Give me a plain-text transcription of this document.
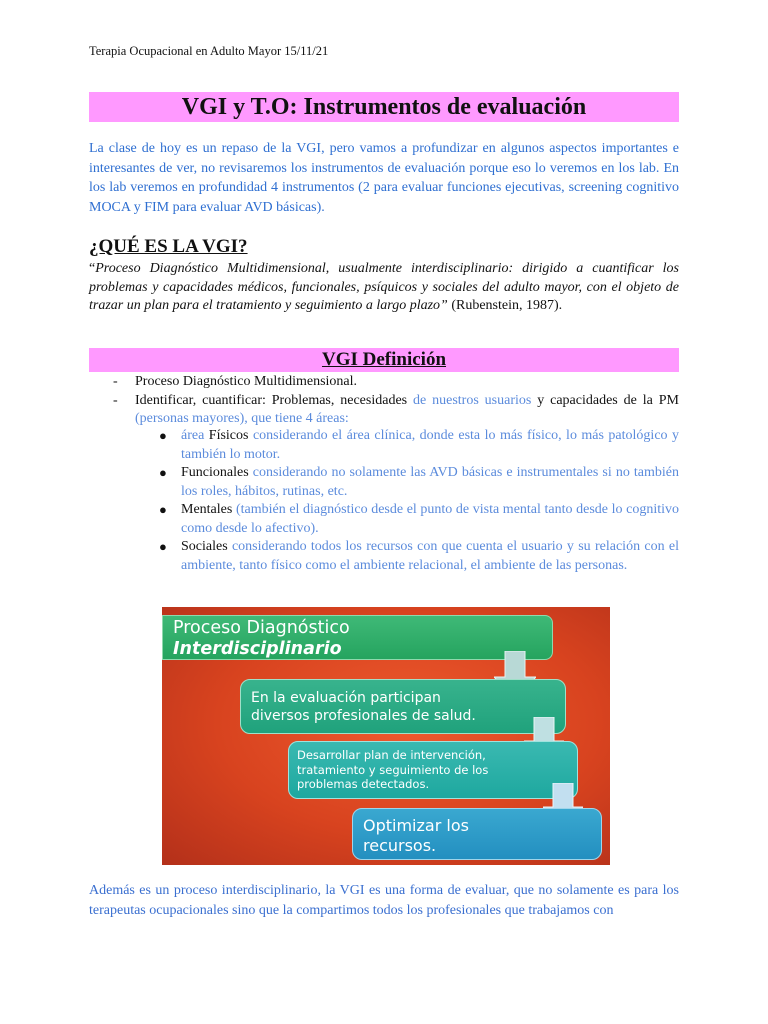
Terapia Ocupacional en Adulto Mayor 15/11/21
VGI y T.O: Instrumentos de evaluación

La clase de hoy es un repaso de la VGI, pero vamos a profundizar en algunos aspectos importantes e interesantes de ver, no revisaremos los instrumentos de evaluación porque eso lo veremos en los lab. En los lab veremos en profundidad 4 instrumentos (2 para evaluar funciones ejecutivas, screening cognitivo MOCA y FIM para evaluar AVD básicas).

¿QUÉ ES LA VGI?

“Proceso Diagnóstico Multidimensional, usualmente interdisciplinario: dirigido a cuantificar los problemas y capacidades médicos, funcionales, psíquicos y sociales del adulto mayor, con el objeto de trazar un plan para el tratamiento y seguimiento a largo plazo” (Rubenstein, 1987).

VGI Definición
- Proceso Diagnóstico Multidimensional.
- Identificar, cuantificar: Problemas, necesidades de nuestros usuarios y capacidades de la PM (personas mayores), que tiene 4 áreas:
● área Físicos considerando el área clínica, donde esta lo más físico, lo más patológico y también lo motor.
● Funcionales considerando no solamente las AVD básicas e instrumentales si no también los roles, hábitos, rutinas, etc.
● Mentales (también el diagnóstico desde el punto de vista mental tanto desde lo cognitivo como desde lo afectivo).
● Sociales considerando todos los recursos con que cuenta el usuario y su relación con el ambiente, tanto físico como el ambiente relacional, el ambiente de las personas.
Proceso Diagnóstico
Interdisciplinario
En la evaluación participan
diversos profesionales de salud.
Desarrollar plan de intervención,
tratamiento y seguimiento de los
problemas detectados.
Optimizar los
recursos.

Además es un proceso interdisciplinario, la VGI es una forma de evaluar, que no solamente es para los terapeutas ocupacionales sino que la compartimos todos los profesionales que trabajamos con
